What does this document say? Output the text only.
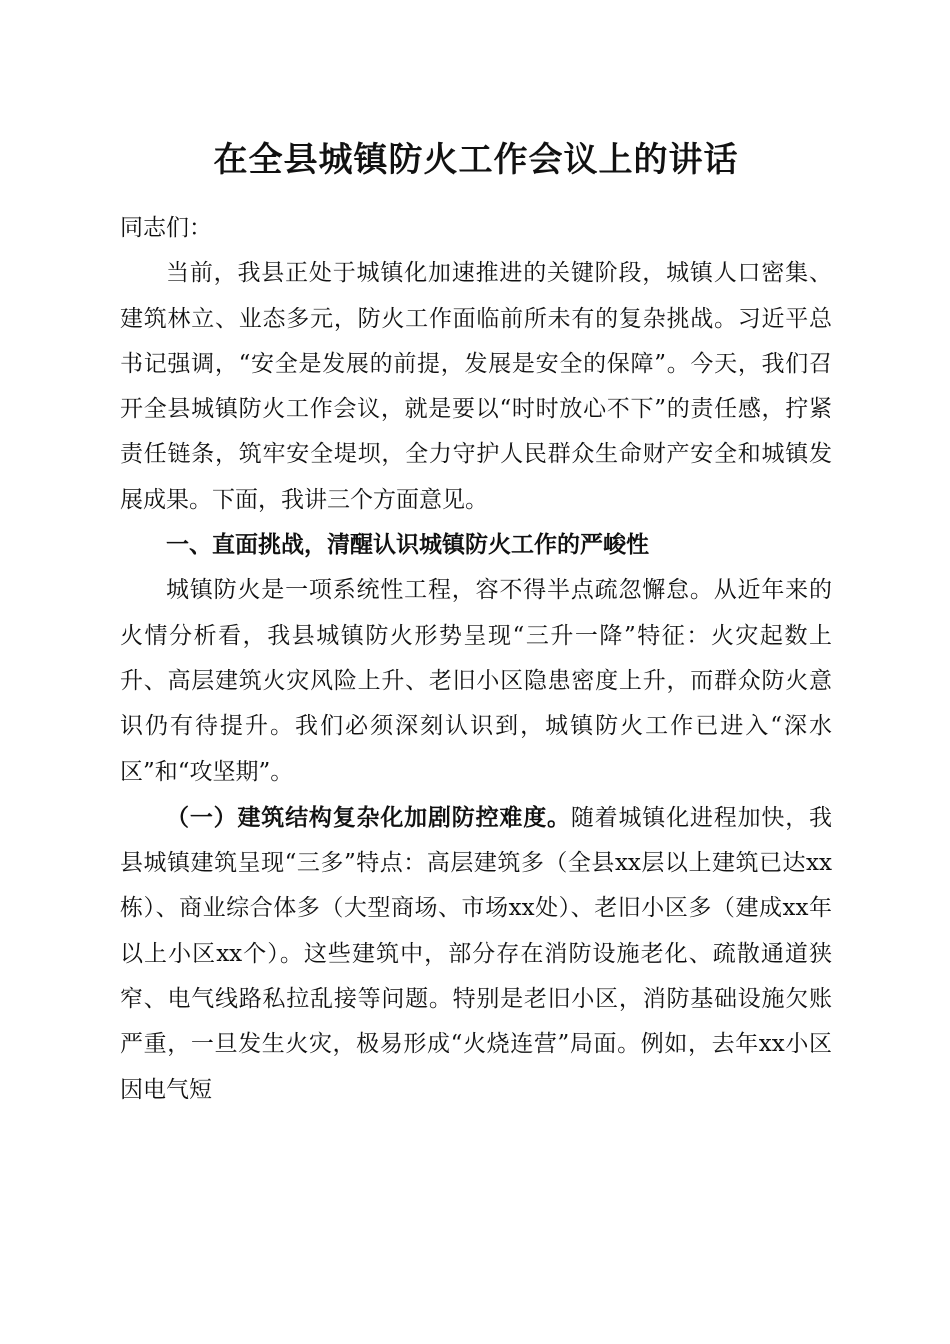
在全县城镇防火工作会议上的讲话

同志们：

当前，我县正处于城镇化加速推进的关键阶段，城镇人口密集、建筑林立、业态多元，防火工作面临前所未有的复杂挑战。习近平总书记强调，“安全是发展的前提，发展是安全的保障”。今天，我们召开全县城镇防火工作会议，就是要以“时时放心不下”的责任感，拧紧责任链条，筑牢安全堤坝，全力守护人民群众生命财产安全和城镇发展成果。下面，我讲三个方面意见。

一、直面挑战，清醒认识城镇防火工作的严峻性

城镇防火是一项系统性工程，容不得半点疏忽懈怠。从近年来的火情分析看，我县城镇防火形势呈现“三升一降”特征：火灾起数上升、高层建筑火灾风险上升、老旧小区隐患密度上升，而群众防火意识仍有待提升。我们必须深刻认识到，城镇防火工作已进入“深水区”和“攻坚期”。

（一）建筑结构复杂化加剧防控难度。随着城镇化进程加快，我县城镇建筑呈现“三多”特点：高层建筑多（全县xx层以上建筑已达xx栋）、商业综合体多（大型商场、市场xx处）、老旧小区多（建成xx年以上小区xx个）。这些建筑中，部分存在消防设施老化、疏散通道狭窄、电气线路私拉乱接等问题。特别是老旧小区，消防基础设施欠账严重，一旦发生火灾，极易形成“火烧连营”局面。例如，去年xx小区因电气短
